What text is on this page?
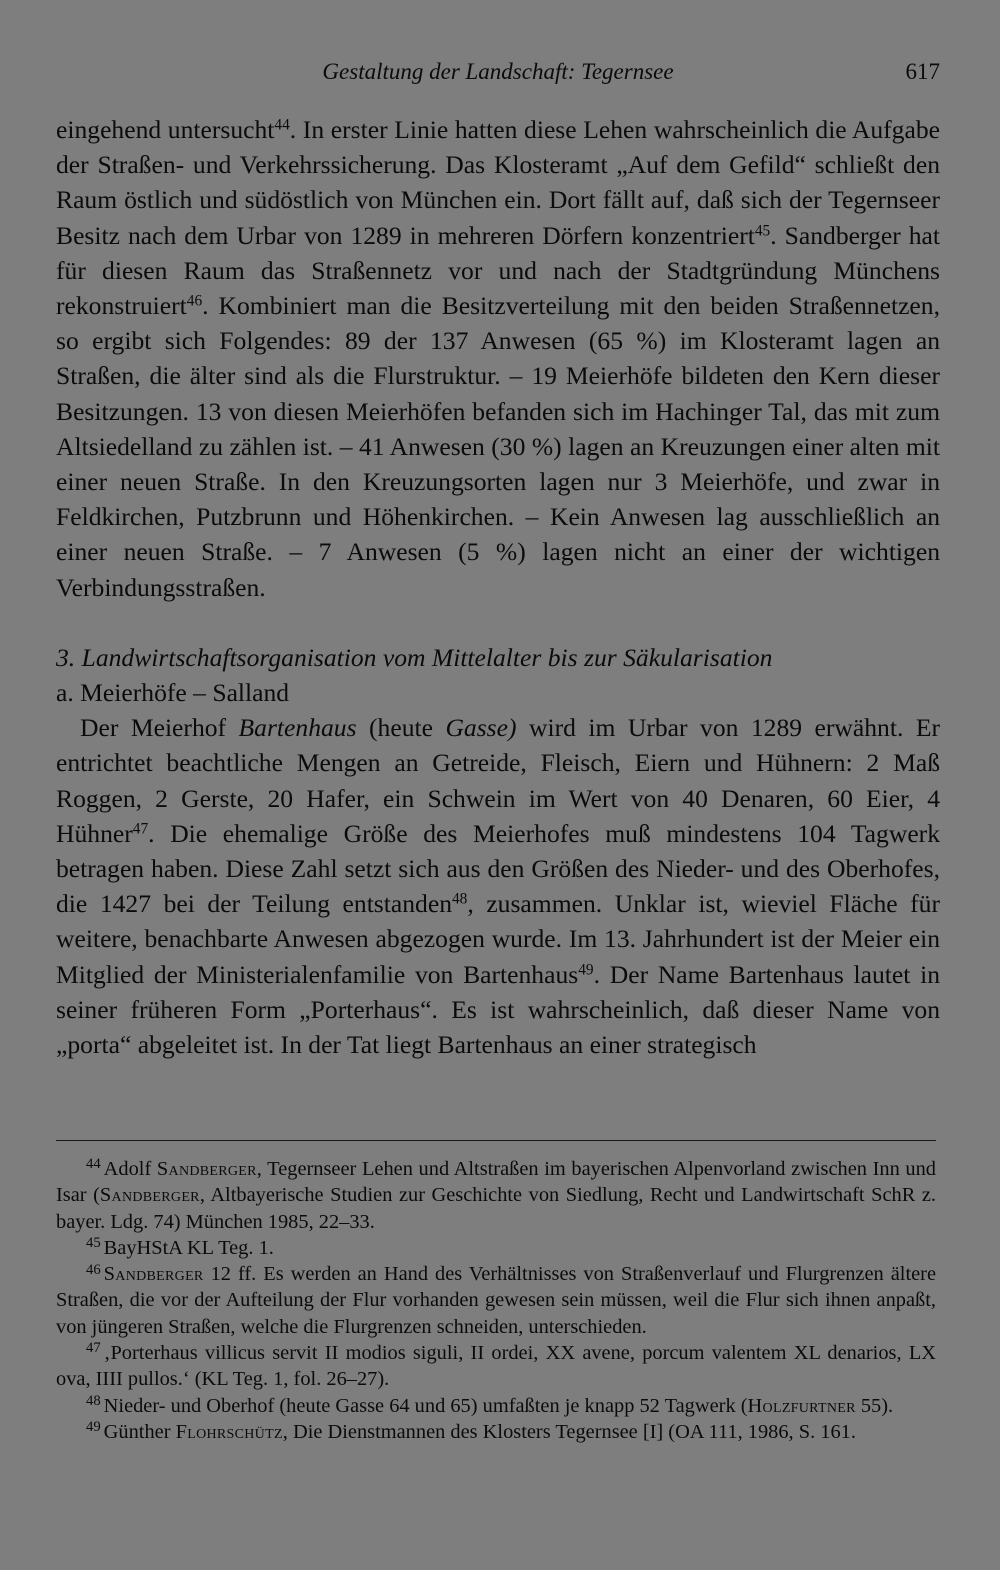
Gestaltung der Landschaft: Tegernsee	617

eingehend untersucht$^{44}$. In erster Linie hatten diese Lehen wahrscheinlich die Aufgabe der Straßen- und Verkehrssicherung. Das Klosteramt „Auf dem Gefild“ schließt den Raum östlich und südöstlich von München ein. Dort fällt auf, daß sich der Tegernseer Besitz nach dem Urbar von 1289 in mehreren Dörfern konzentriert$^{45}$. Sandberger hat für diesen Raum das Straßennetz vor und nach der Stadtgründung Münchens rekonstruiert$^{46}$. Kombiniert man die Besitzverteilung mit den beiden Straßennetzen, so ergibt sich Folgendes: 89 der 137 Anwesen (65 %) im Klosteramt lagen an Straßen, die älter sind als die Flurstruktur. – 19 Meierhöfe bildeten den Kern dieser Besitzungen. 13 von diesen Meierhöfen befanden sich im Hachinger Tal, das mit zum Altsiedelland zu zählen ist. – 41 Anwesen (30 %) lagen an Kreuzungen einer alten mit einer neuen Straße. In den Kreuzungsorten lagen nur 3 Meierhöfe, und zwar in Feldkirchen, Putzbrunn und Höhenkirchen. – Kein Anwesen lag ausschließlich an einer neuen Straße. – 7 Anwesen (5 %) lagen nicht an einer der wichtigen Verbindungsstraßen.

3. Landwirtschaftsorganisation vom Mittelalter bis zur Säkularisation

a. Meierhöfe – Salland

Der Meierhof Bartenhaus (heute Gasse) wird im Urbar von 1289 erwähnt. Er entrichtet beachtliche Mengen an Getreide, Fleisch, Eiern und Hühnern: 2 Maß Roggen, 2 Gerste, 20 Hafer, ein Schwein im Wert von 40 Denaren, 60 Eier, 4 Hühner$^{47}$. Die ehemalige Größe des Meierhofes muß mindestens 104 Tagwerk betragen haben. Diese Zahl setzt sich aus den Größen des Nieder- und des Oberhofes, die 1427 bei der Teilung entstanden$^{48}$, zusammen. Unklar ist, wieviel Fläche für weitere, benachbarte Anwesen abgezogen wurde. Im 13. Jahrhundert ist der Meier ein Mitglied der Ministerialenfamilie von Bartenhaus$^{49}$. Der Name Bartenhaus lautet in seiner früheren Form „Porterhaus“. Es ist wahrscheinlich, daß dieser Name von „porta“ abgeleitet ist. In der Tat liegt Bartenhaus an einer strategisch

$^{44}$ Adolf Sandberger, Tegernseer Lehen und Altstraßen im bayerischen Alpenvorland zwischen Inn und Isar (Sandberger, Altbayerische Studien zur Geschichte von Siedlung, Recht und Landwirtschaft SchR z. bayer. Ldg. 74) München 1985, 22–33.

$^{45}$ BayHStA KL Teg. 1.

$^{46}$ Sandberger 12 ff. Es werden an Hand des Verhältnisses von Straßenverlauf und Flurgrenzen ältere Straßen, die vor der Aufteilung der Flur vorhanden gewesen sein müssen, weil die Flur sich ihnen anpaßt, von jüngeren Straßen, welche die Flurgrenzen schneiden, unterschieden.

$^{47}$ ‚Porterhaus villicus servit II modios siguli, II ordei, XX avene, porcum valentem XL denarios, LX ova, IIII pullos.‘ (KL Teg. 1, fol. 26–27).

$^{48}$ Nieder- und Oberhof (heute Gasse 64 und 65) umfaßten je knapp 52 Tagwerk (Holzfurtner 55).

$^{49}$ Günther Flohrschütz, Die Dienstmannen des Klosters Tegernsee [I] (OA 111, 1986, S. 161.
